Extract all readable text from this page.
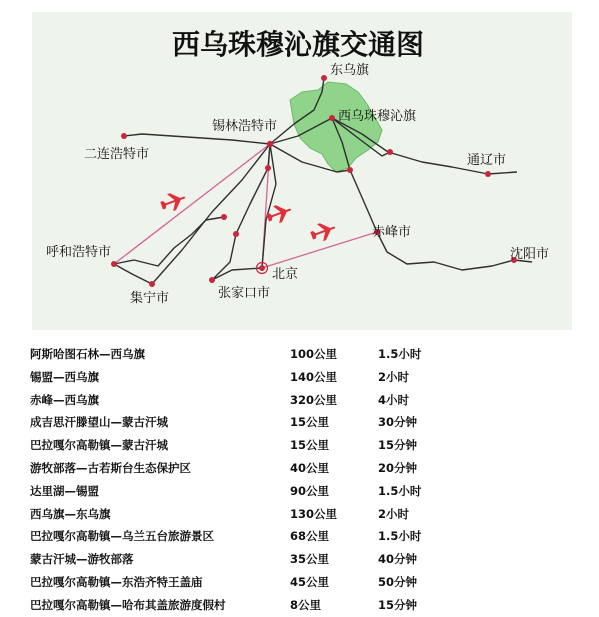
西乌珠穆沁旗交通图
东乌旗
西乌珠穆沁旗
锡林浩特市
二连浩特市	通辽市
赤峰市
呼和浩特市	沈阳市
集宁市	张家口市
北京
阿斯哈图石林—西乌旗	100公里	1.5小时
锡盟—西乌旗	140公里	2小时
赤峰—西乌旗	320公里	4小时
成吉思汗滕望山—蒙古汗城	15公里	30分钟
巴拉嘎尔高勒镇—蒙古汗城	15公里	15分钟
游牧部落—古若斯台生态保护区	40公里	20分钟
达里湖—锡盟	90公里	1.5小时
西乌旗—东乌旗	130公里	2小时
巴拉嘎尔高勒镇—乌兰五台旅游景区	68公里	1.5小时
蒙古汗城—游牧部落	35公里	40分钟
巴拉嘎尔高勒镇—东浩齐特王盖庙	45公里	50分钟
巴拉嘎尔高勒镇—哈布其盖旅游度假村	8公里	15分钟
